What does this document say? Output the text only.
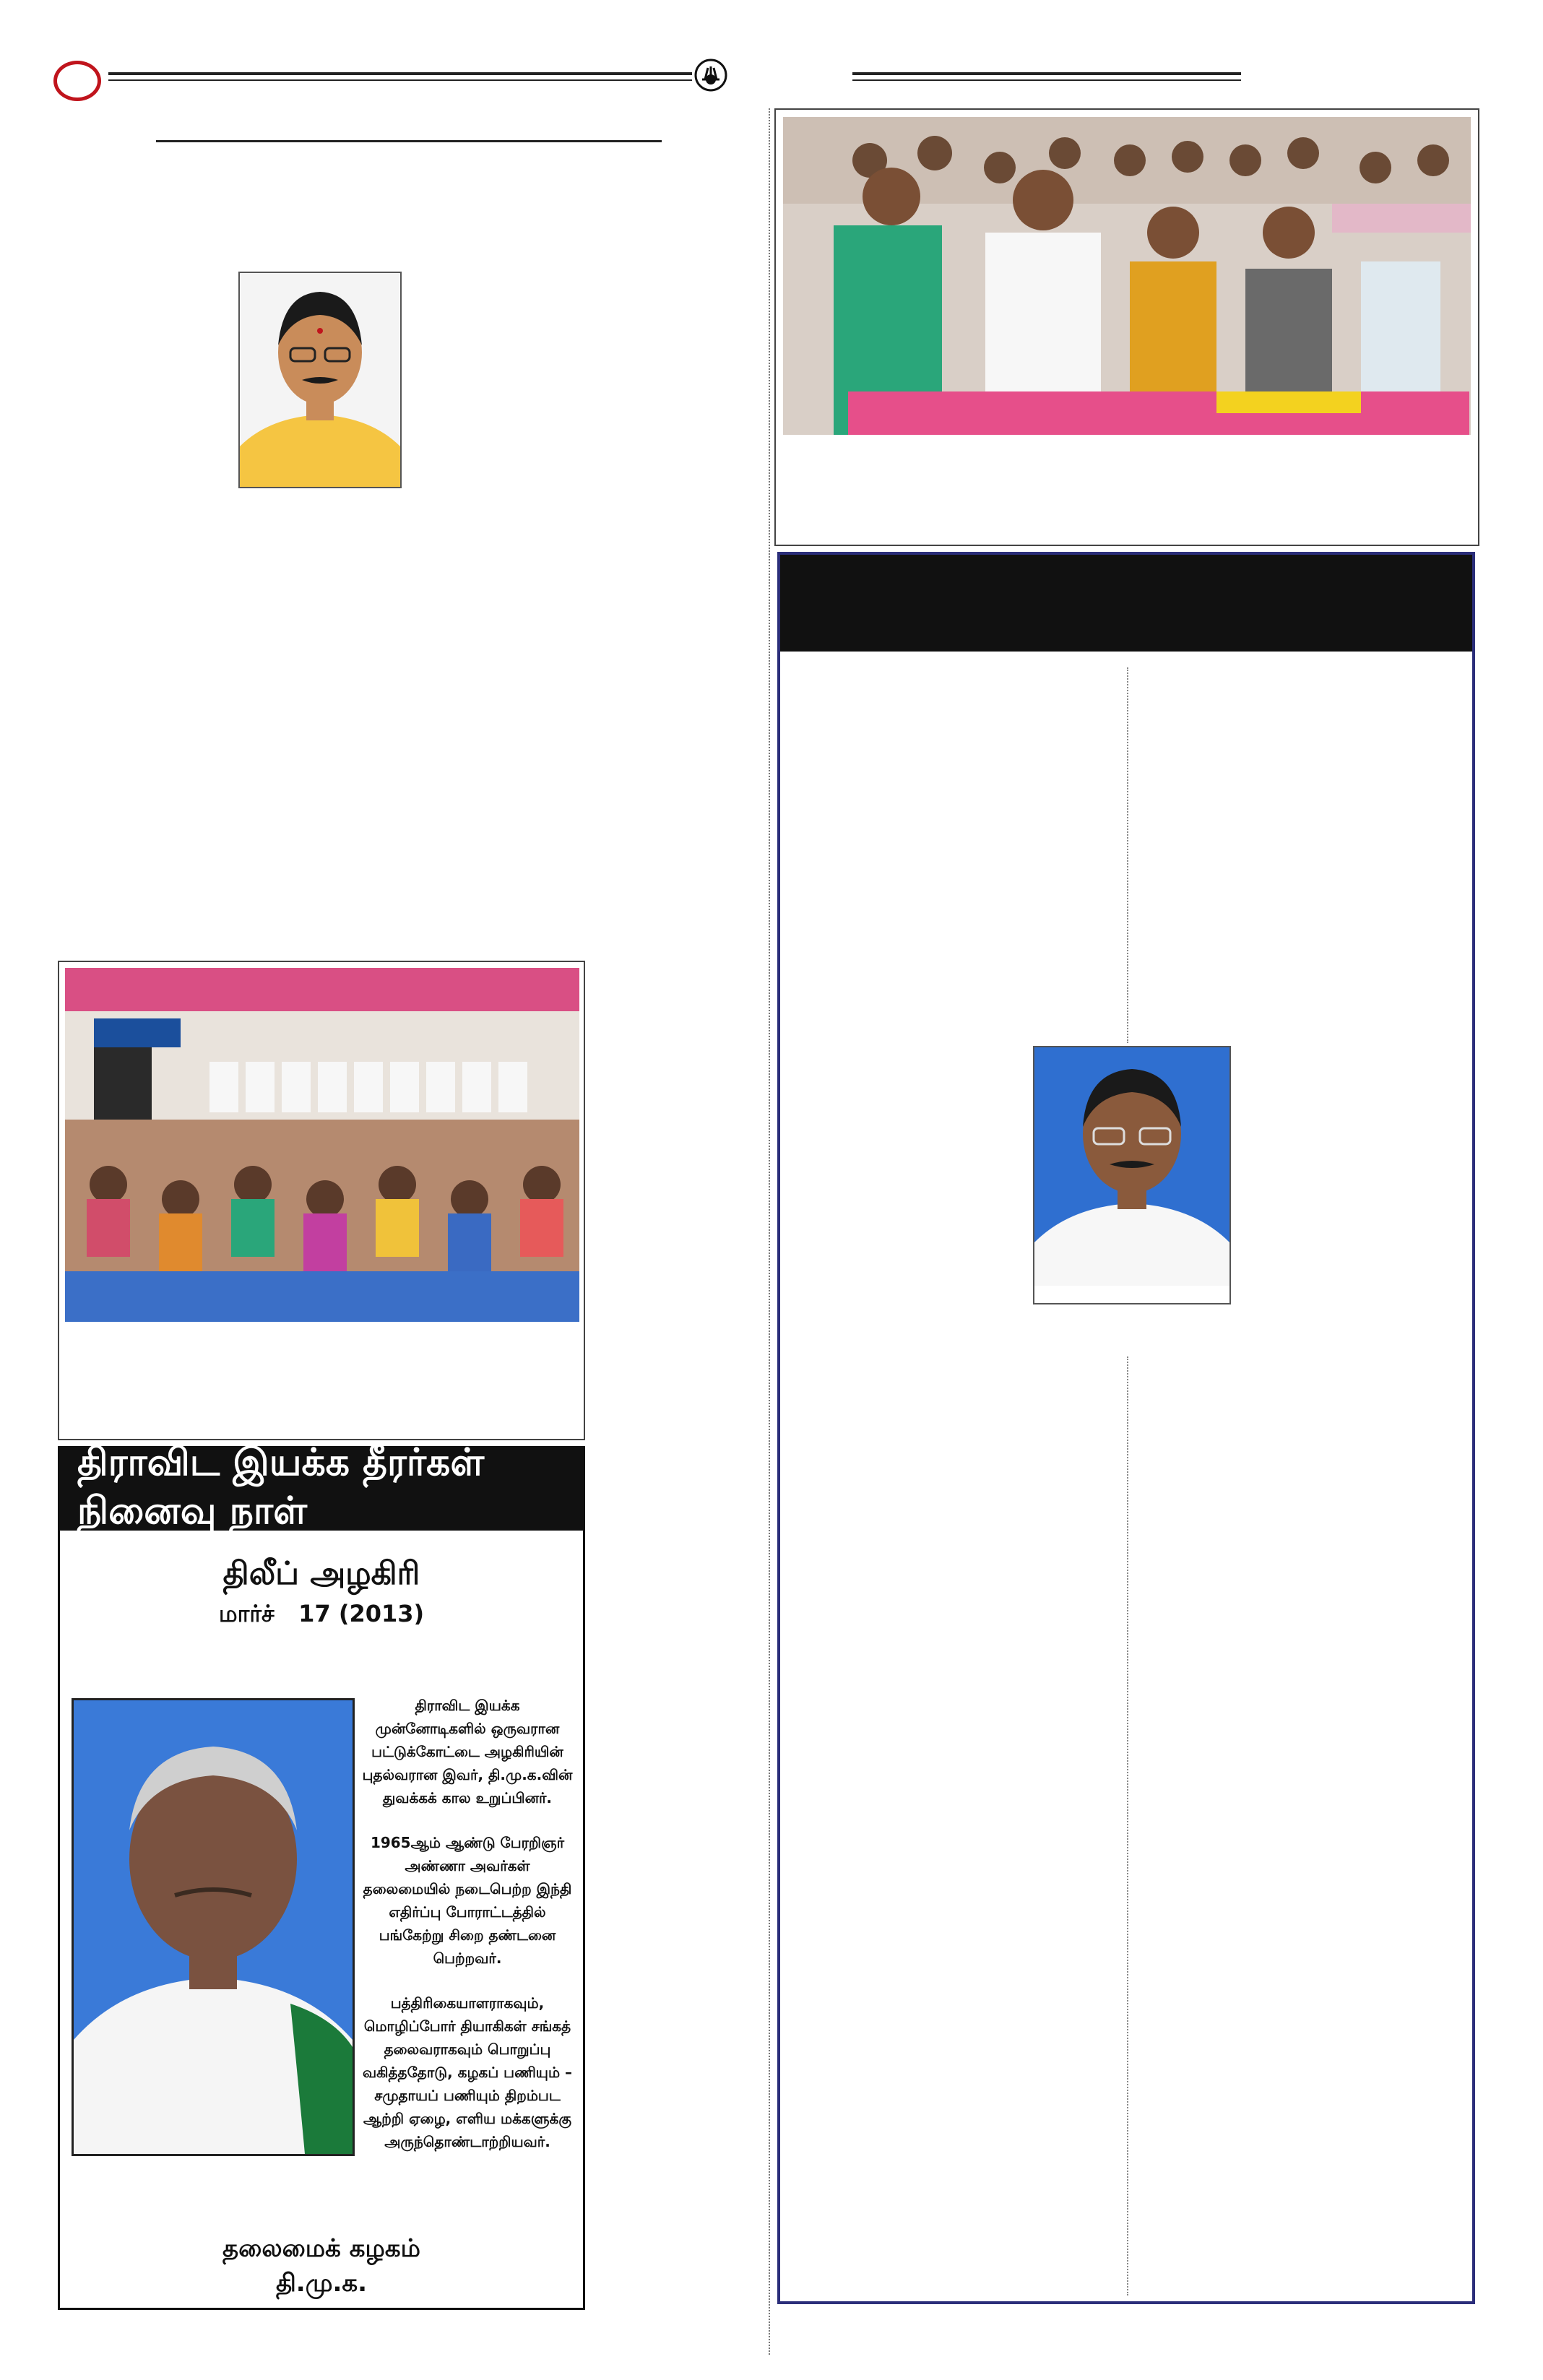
திராவிட இயக்க தீரர்கள் நினைவு நாள்
திலீப் அழகிரி
மார்ச்   17 (2013)

திராவிட இயக்க முன்னோடிகளில் ஒருவரான பட்டுக்கோட்டை அழகிரியின் புதல்வரான இவர், தி.மு.க.வின் துவக்கக் கால உறுப்பினர்.

1965ஆம் ஆண்டு பேரறிஞர் அண்ணா அவர்கள் தலைமையில் நடைபெற்ற இந்தி எதிர்ப்பு போராட்டத்தில் பங்கேற்று சிறை தண்டனை பெற்றவர்.

பத்திரிகையாளராகவும், மொழிப்போர் தியாகிகள் சங்கத் தலைவராகவும் பொறுப்பு வகித்ததோடு, கழகப் பணியும் – சமுதாயப் பணியும் திறம்பட ஆற்றி ஏழை, எளிய மக்களுக்கு அருந்தொண்டாற்றியவர்.

தலைமைக் கழகம்
தி.மு.க.
